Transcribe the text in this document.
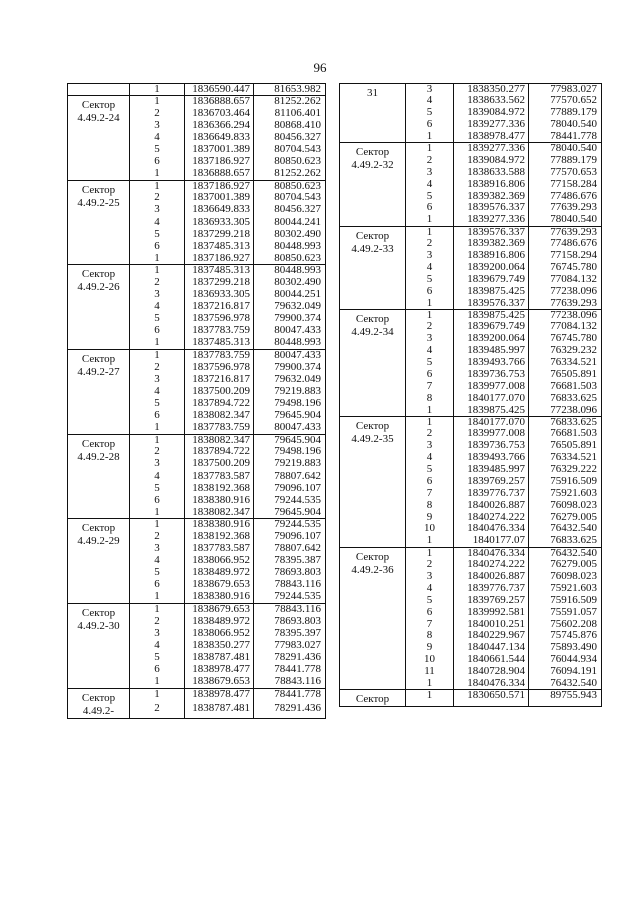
96
	1	1836590.447	81653.982
Сектор 4.49.2-24	1	1836888.657	81252.262
	2	1836703.464	81106.401
	3	1836366.294	80868.410
	4	1836649.833	80456.327
	5	1837001.389	80704.543
	6	1837186.927	80850.623
	1	1836888.657	81252.262
Сектор 4.49.2-25	1	1837186.927	80850.623
	2	1837001.389	80704.543
	3	1836649.833	80456.327
	4	1836933.305	80044.241
	5	1837299.218	80302.490
	6	1837485.313	80448.993
	1	1837186.927	80850.623
Сектор 4.49.2-26	1	1837485.313	80448.993
	2	1837299.218	80302.490
	3	1836933.305	80044.251
	4	1837216.817	79632.049
	5	1837596.978	79900.374
	6	1837783.759	80047.433
	1	1837485.313	80448.993
Сектор 4.49.2-27	1	1837783.759	80047.433
	2	1837596.978	79900.374
	3	1837216.817	79632.049
	4	1837500.209	79219.883
	5	1837894.722	79498.196
	6	1838082.347	79645.904
	1	1837783.759	80047.433
Сектор 4.49.2-28	1	1838082.347	79645.904
	2	1837894.722	79498.196
	3	1837500.209	79219.883
	4	1837783.587	78807.642
	5	1838192.368	79096.107
	6	1838380.916	79244.535
	1	1838082.347	79645.904
Сектор 4.49.2-29	1	1838380.916	79244.535
	2	1838192.368	79096.107
	3	1837783.587	78807.642
	4	1838066.952	78395.387
	5	1838489.972	78693.803
	6	1838679.653	78843.116
	1	1838380.916	79244.535
Сектор 4.49.2-30	1	1838679.653	78843.116
	2	1838489.972	78693.803
	3	1838066.952	78395.397
	4	1838350.277	77983.027
	5	1838787.481	78291.436
	6	1838978.477	78441.778
	1	1838679.653	78843.116
Сектор 4.49.2-	1	1838978.477	78441.778
	2	1838787.481	78291.436
31	3	1838350.277	77983.027
	4	1838633.562	77570.652
	5	1839084.972	77889.179
	6	1839277.336	78040.540
	1	1838978.477	78441.778
Сектор 4.49.2-32	1	1839277.336	78040.540
	2	1839084.972	77889.179
	3	1838633.588	77570.653
	4	1838916.806	77158.284
	5	1839382.369	77486.676
	6	1839576.337	77639.293
	1	1839277.336	78040.540
Сектор 4.49.2-33	1	1839576.337	77639.293
	2	1839382.369	77486.676
	3	1838916.806	77158.294
	4	1839200.064	76745.780
	5	1839679.749	77084.132
	6	1839875.425	77238.096
	1	1839576.337	77639.293
Сектор 4.49.2-34	1	1839875.425	77238.096
	2	1839679.749	77084.132
	3	1839200.064	76745.780
	4	1839485.997	76329.232
	5	1839493.766	76334.521
	6	1839736.753	76505.891
	7	1839977.008	76681.503
	8	1840177.070	76833.625
	1	1839875.425	77238.096
Сектор 4.49.2-35	1	1840177.070	76833.625
	2	1839977.008	76681.503
	3	1839736.753	76505.891
	4	1839493.766	76334.521
	5	1839485.997	76329.222
	6	1839769.257	75916.509
	7	1839776.737	75921.603
	8	1840026.887	76098.023
	9	1840274.222	76279.005
	10	1840476.334	76432.540
	1	1840177.07	76833.625
Сектор 4.49.2-36	1	1840476.334	76432.540
	2	1840274.222	76279.005
	3	1840026.887	76098.023
	4	1839776.737	75921.603
	5	1839769.257	75916.509
	6	1839992.581	75591.057
	7	1840010.251	75602.208
	8	1840229.967	75745.876
	9	1840447.134	75893.490
	10	1840661.544	76044.934
	11	1840728.904	76094.191
	1	1840476.334	76432.540
Сектор	1	1830650.571	89755.943
